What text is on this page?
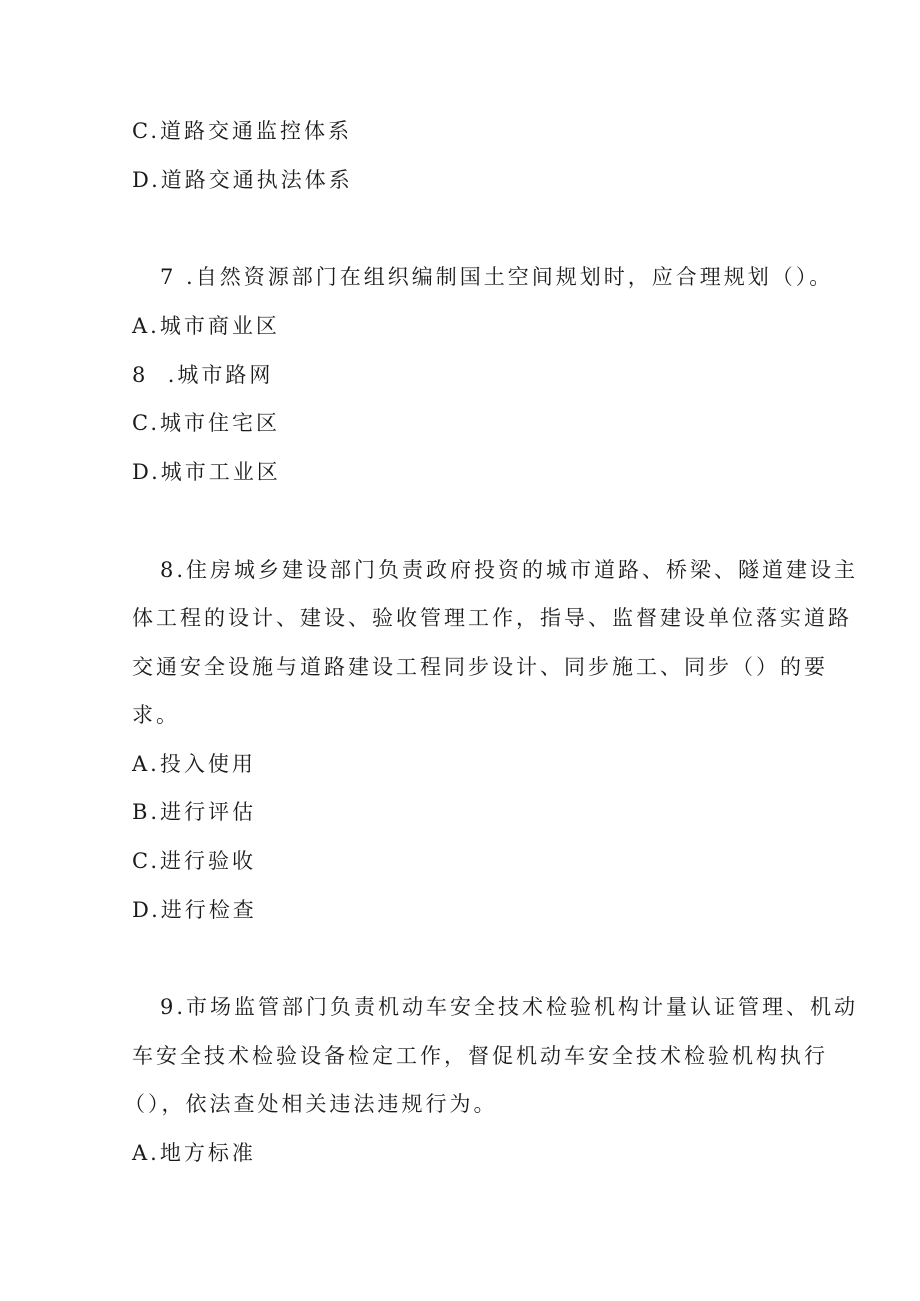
C.道路交通监控体系
D.道路交通执法体系
7 .自然资源部门在组织编制国土空间规划时，应合理规划（）。
A.城市商业区
8  .城市路网
C.城市住宅区
D.城市工业区
8.住房城乡建设部门负责政府投资的城市道路、桥梁、隧道建设主
体工程的设计、建设、验收管理工作，指导、监督建设单位落实道路
交通安全设施与道路建设工程同步设计、同步施工、同步（）的要
求。
A.投入使用
B.进行评估
C.进行验收
D.进行检查
9.市场监管部门负责机动车安全技术检验机构计量认证管理、机动
车安全技术检验设备检定工作，督促机动车安全技术检验机构执行
（），依法查处相关违法违规行为。
A.地方标准
